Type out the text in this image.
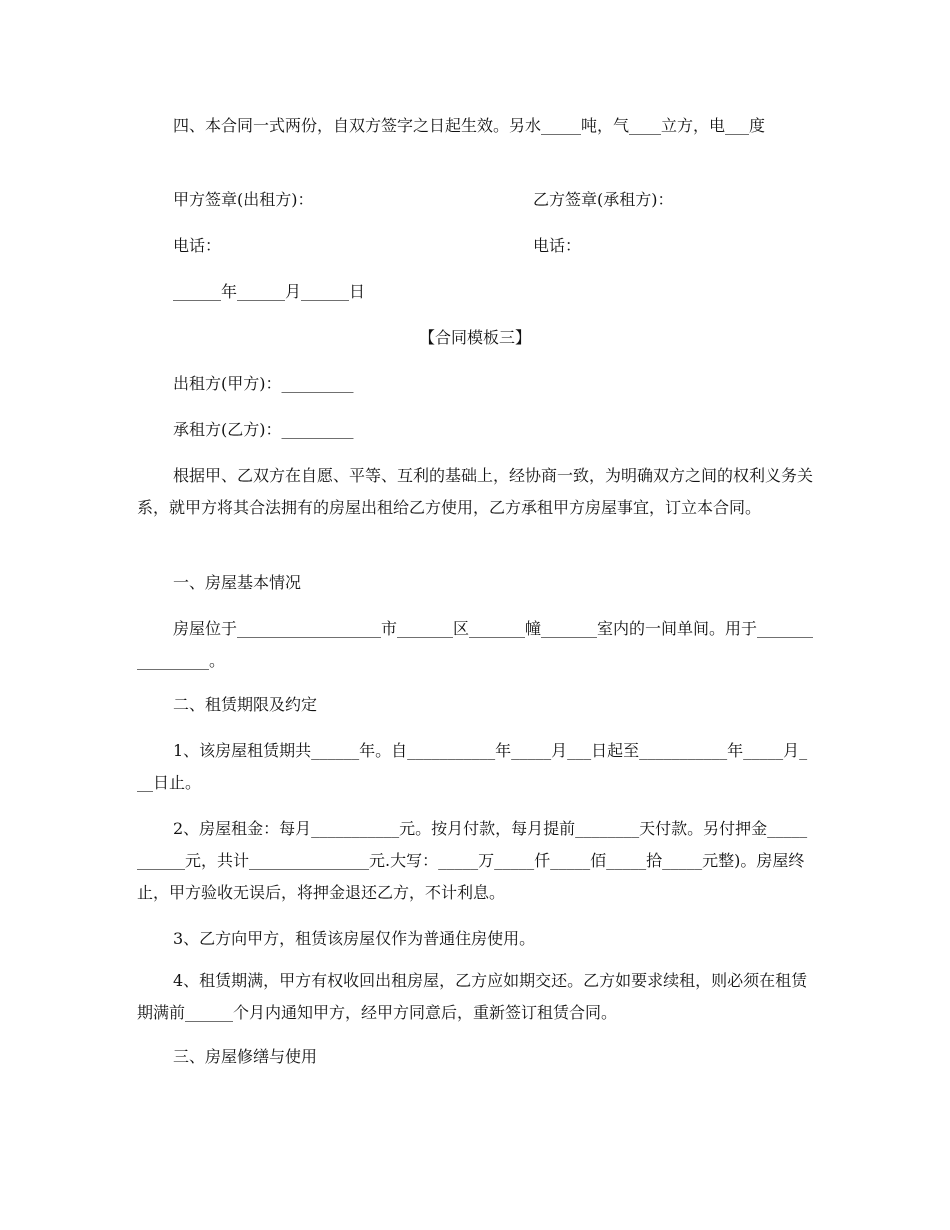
四、本合同一式两份，自双方签字之日起生效。另水_____吨，气____立方，电___度

甲方签章(出租方)：	乙方签章(承租方)：

电话：	电话：

______年______月______日

【合同模板三】

出租方(甲方)：_________

承租方(乙方)：_________

根据甲、乙双方在自愿、平等、互利的基础上，经协商一致，为明确双方之间的权利义务关系，就甲方将其合法拥有的房屋出租给乙方使用，乙方承租甲方房屋事宜，订立本合同。

一、房屋基本情况

房屋位于__________________市_______区_______幢_______室内的一间单间。用于________________。

二、租赁期限及约定

1、该房屋租赁期共______年。自___________年_____月___日起至___________年_____月___日止。

2、房屋租金：每月___________元。按月付款，每月提前________天付款。另付押金___________元，共计_______________元.大写：_____万_____仟_____佰_____拾_____元整)。房屋终止，甲方验收无误后，将押金退还乙方，不计利息。

3、乙方向甲方，租赁该房屋仅作为普通住房使用。

4、租赁期满，甲方有权收回出租房屋，乙方应如期交还。乙方如要求续租，则必须在租赁期满前______个月内通知甲方，经甲方同意后，重新签订租赁合同。

三、房屋修缮与使用
